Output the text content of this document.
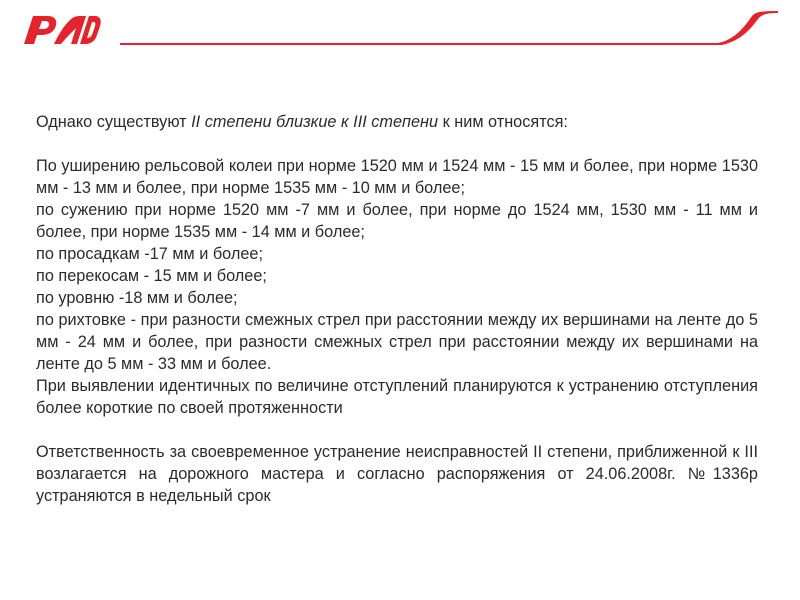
Однако существуют II степени близкие к III степени к ним относятся:

По уширению рельсовой колеи при норме 1520 мм и 1524 мм - 15 мм и более, при норме 1530 мм - 13 мм и более, при норме 1535 мм - 10 мм и более;

по сужению при норме 1520 мм -7 мм и более, при норме до 1524 мм, 1530 мм - 11 мм и более, при норме 1535 мм - 14 мм и более;

по просадкам -17 мм и более;

по перекосам - 15 мм и более;

по уровню -18 мм и более;

по рихтовке - при разности смежных стрел при расстоянии между их вершинами на ленте до 5 мм - 24 мм и более, при разности смежных стрел при расстоянии между их вершинами на ленте до 5 мм - 33 мм и более.

При выявлении идентичных по величине отступлений планируются к устранению отступления более короткие по своей протяженности

Ответственность за своевременное устранение неисправностей II степени, приближенной к III возлагается на дорожного мастера и согласно распоряжения от 24.06.2008г. №1336р устраняются в недельный срок
